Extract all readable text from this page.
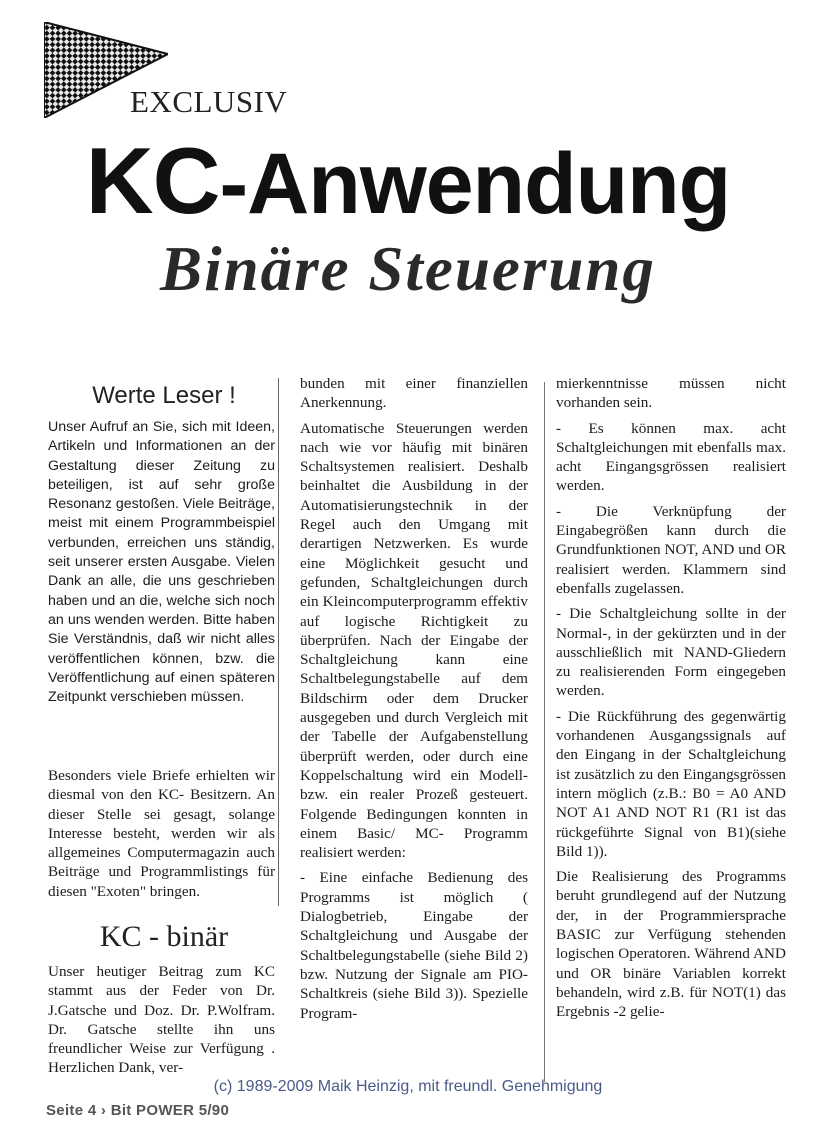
EXCLUSIV
KC-Anwendung
Binäre Steuerung
Werte Leser !

Unser Aufruf an Sie, sich mit Ideen, Artikeln und Informationen an der Gestaltung dieser Zeitung zu beteiligen, ist auf sehr große Resonanz gestoßen. Viele Beiträge, meist mit einem Programmbeispiel verbunden, erreichen uns ständig, seit unserer ersten Ausgabe. Vielen Dank an alle, die uns geschrieben haben und an die, welche sich noch an uns wenden werden. Bitte haben Sie Verständnis, daß wir nicht alles veröffentlichen können, bzw. die Veröffentlichung auf einen späteren Zeitpunkt verschieben müssen.

Besonders viele Briefe erhielten wir diesmal von den KC- Besitzern. An dieser Stelle sei gesagt, solange Interesse besteht, werden wir als allgemeines Computermagazin auch Beiträge und Programmlistings für diesen "Exoten" bringen.

KC - binär

Unser heutiger Beitrag zum KC stammt aus der Feder von Dr. J.Gatsche und Doz. Dr. P.Wolfram. Dr. Gatsche stellte ihn uns freundlicher Weise zur Verfügung . Herzlichen Dank, ver-

bunden mit einer finanziellen Anerkennung.

Automatische Steuerungen werden nach wie vor häufig mit binären Schaltsystemen realisiert. Deshalb beinhaltet die Ausbildung in der Automatisierungstechnik in der Regel auch den Umgang mit derartigen Netzwerken. Es wurde eine Möglichkeit gesucht und gefunden, Schaltgleichungen durch ein Kleincomputerprogramm effektiv auf logische Richtigkeit zu überprüfen. Nach der Eingabe der Schaltgleichung kann eine Schaltbelegungstabelle auf dem Bildschirm oder dem Drucker ausgegeben und durch Vergleich mit der Tabelle der Aufgabenstellung überprüft werden, oder durch eine Koppelschaltung wird ein Modell- bzw. ein realer Prozeß gesteuert. Folgende Bedingungen konnten in einem Basic/ MC- Programm realisiert werden:

- Eine einfache Bedienung des Programms ist möglich ( Dialogbetrieb, Eingabe der Schaltgleichung und Ausgabe der Schaltbelegungstabelle (siehe Bild 2) bzw. Nutzung der Signale am PIO-Schaltkreis (siehe Bild 3)). Spezielle Program-

mierkenntnisse müssen nicht vorhanden sein.

- Es können max. acht Schaltgleichungen mit ebenfalls max. acht Eingangsgrössen realisiert werden.

- Die Verknüpfung der Eingabegrößen kann durch die Grundfunktionen NOT, AND und OR realisiert werden. Klammern sind ebenfalls zugelassen.

- Die Schaltgleichung sollte in der Normal-, in der gekürzten und in der ausschließlich mit NAND-Gliedern zu realisierenden Form eingegeben werden.

- Die Rückführung des gegenwärtig vorhandenen Ausgangssignals auf den Eingang in der Schaltgleichung ist zusätzlich zu den Eingangsgrössen intern möglich (z.B.: B0 = A0 AND NOT A1 AND NOT R1 (R1 ist das rückgeführte Signal von B1)(siehe Bild 1)).

Die Realisierung des Programms beruht grundlegend auf der Nutzung der, in der Programmiersprache BASIC zur Verfügung stehenden logischen Operatoren. Während AND und OR binäre Variablen korrekt behandeln, wird z.B. für NOT(1) das Ergebnis -2 gelie-

(c) 1989-2009 Maik Heinzig, mit freundl. Genehmigung
Seite 4 › Bit POWER 5/90
